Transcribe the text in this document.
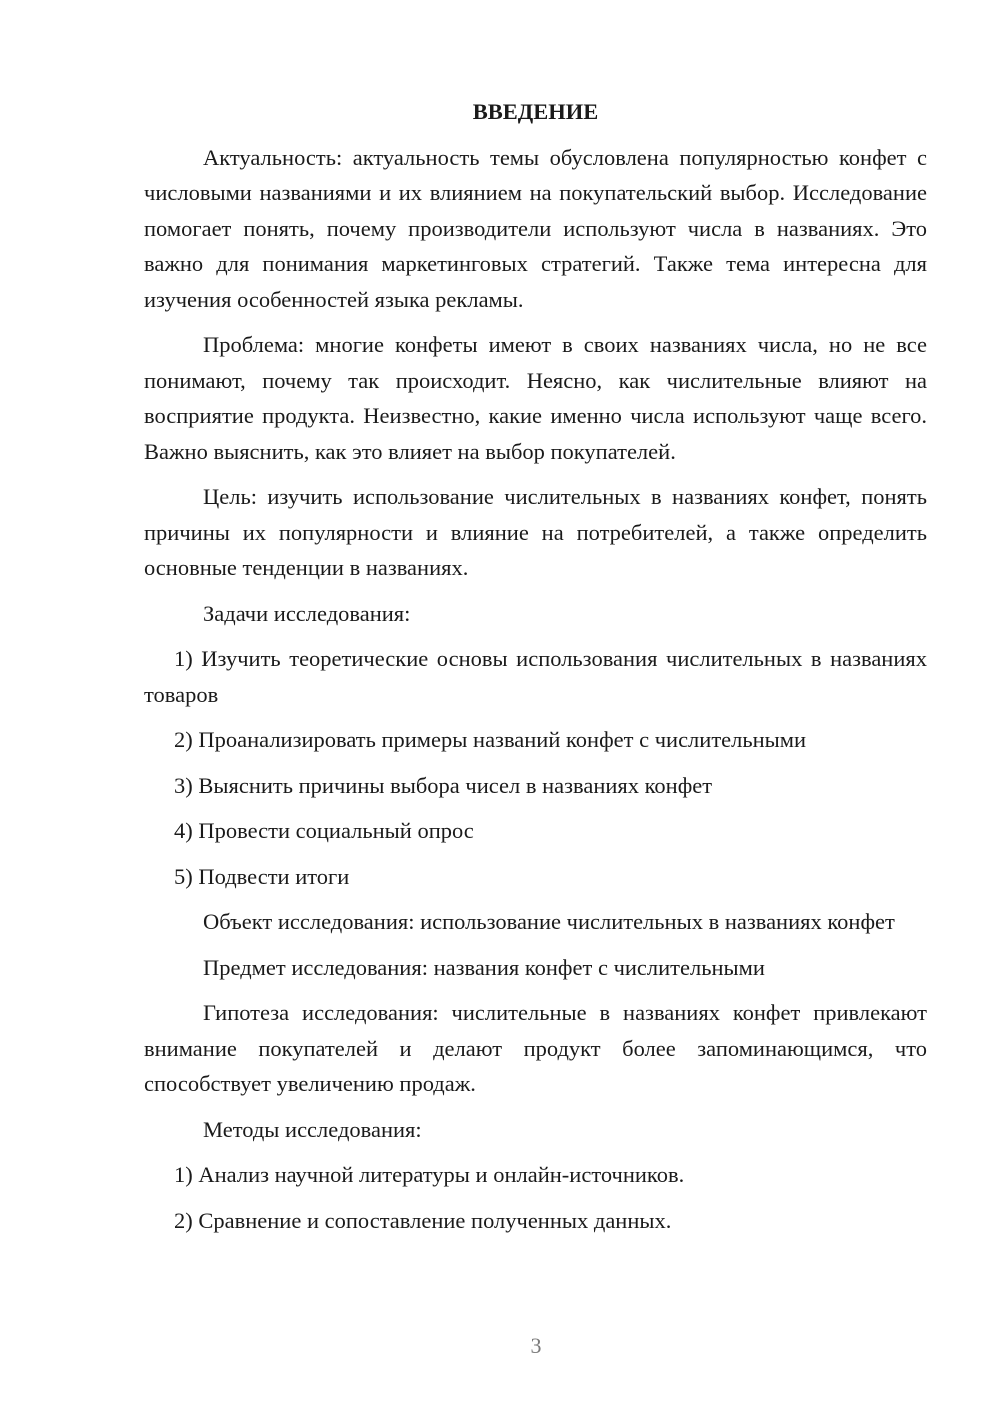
ВВЕДЕНИЕ

Актуальность: актуальность темы обусловлена популярностью конфет с числовыми названиями и их влиянием на покупательский выбор. Исследование помогает понять, почему производители используют числа в названиях. Это важно для понимания маркетинговых стратегий. Также тема интересна для изучения особенностей языка рекламы.

Проблема: многие конфеты имеют в своих названиях числа, но не все понимают, почему так происходит. Неясно, как числительные влияют на восприятие продукта. Неизвестно, какие именно числа используют чаще всего. Важно выяснить, как это влияет на выбор покупателей.

Цель: изучить использование числительных в названиях конфет, понять причины их популярности и влияние на потребителей, а также определить основные тенденции в названиях.

Задачи исследования:

1) Изучить теоретические основы использования числительных в названиях товаров

2) Проанализировать примеры названий конфет с числительными

3) Выяснить причины выбора чисел в названиях конфет

4) Провести социальный опрос

5) Подвести итоги

Объект исследования: использование числительных в названиях конфет

Предмет исследования: названия конфет с числительными

Гипотеза исследования: числительные в названиях конфет привлекают внимание покупателей и делают продукт более запоминающимся, что способствует увеличению продаж.

Методы исследования:

1) Анализ научной литературы и онлайн-источников.

2) Сравнение и сопоставление полученных данных.

3
